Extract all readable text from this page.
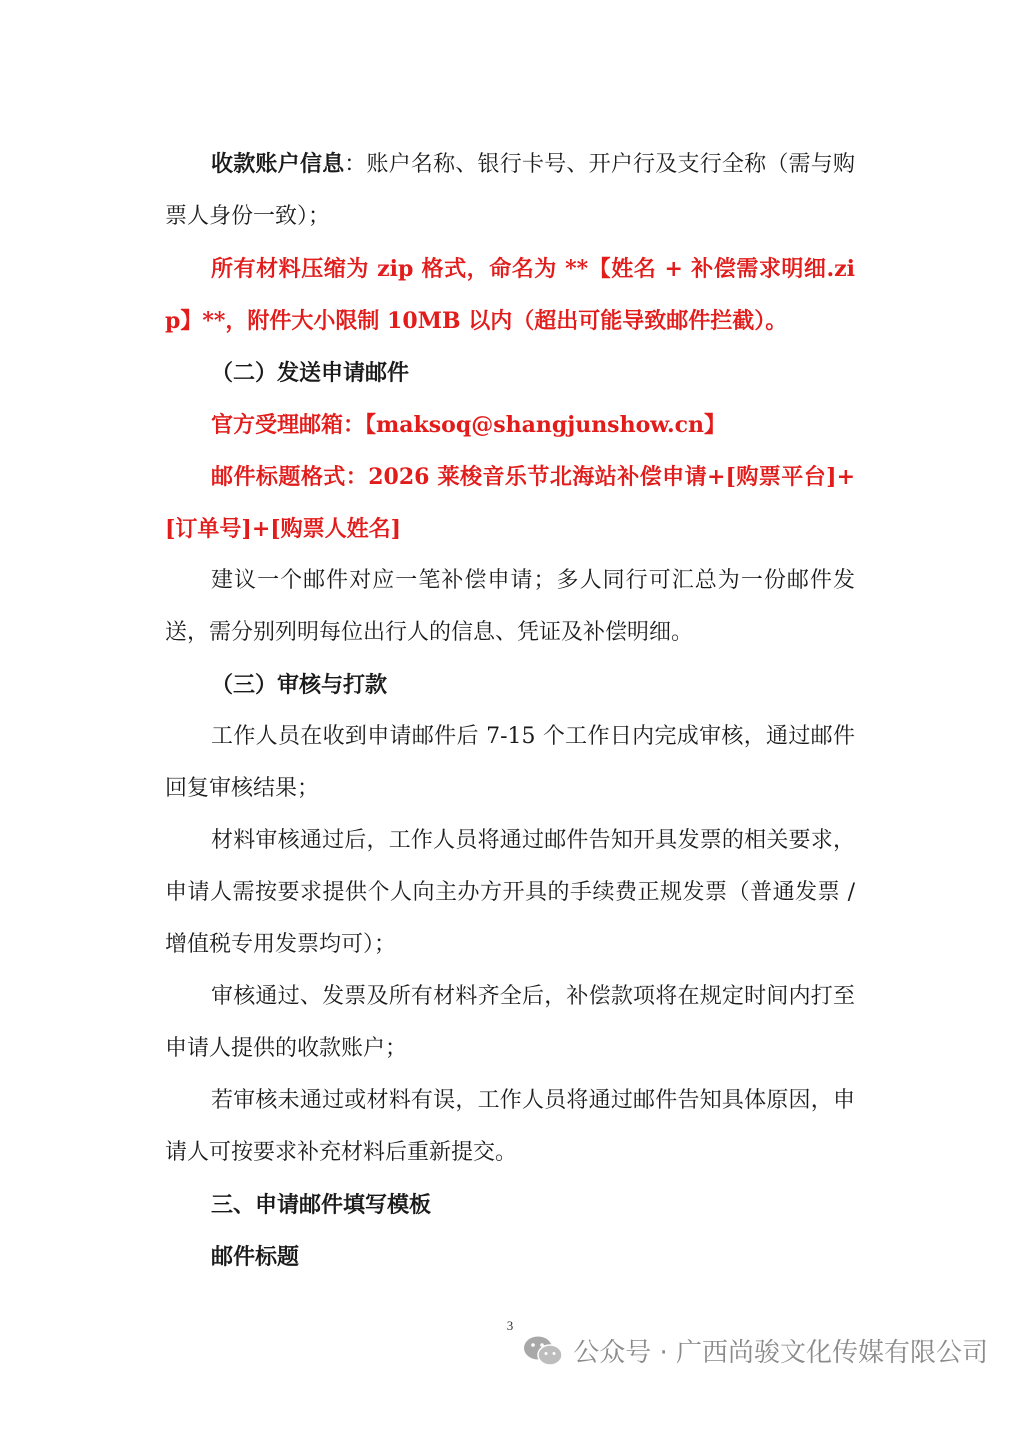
收款账户信息：账户名称、银行卡号、开户行及支行全称（需与购票人身份一致）；

所有材料压缩为 zip 格式，命名为 **【姓名 + 补偿需求明细.zip】**，附件大小限制 10MB 以内（超出可能导致邮件拦截）。

（二）发送申请邮件

官方受理邮箱：【maksoq@shangjunshow.cn】

邮件标题格式：2026 莱梭音乐节北海站补偿申请+[购票平台]+[订单号]+[购票人姓名]

建议一个邮件对应一笔补偿申请；多人同行可汇总为一份邮件发送，需分别列明每位出行人的信息、凭证及补偿明细。

（三）审核与打款

工作人员在收到申请邮件后 7-15 个工作日内完成审核，通过邮件回复审核结果；

材料审核通过后，工作人员将通过邮件告知开具发票的相关要求，申请人需按要求提供个人向主办方开具的手续费正规发票（普通发票 / 增值税专用发票均可）；

审核通过、发票及所有材料齐全后，补偿款项将在规定时间内打至申请人提供的收款账户；

若审核未通过或材料有误，工作人员将通过邮件告知具体原因，申请人可按要求补充材料后重新提交。

三、申请邮件填写模板

邮件标题

3
公众号 · 广西尚骏文化传媒有限公司
